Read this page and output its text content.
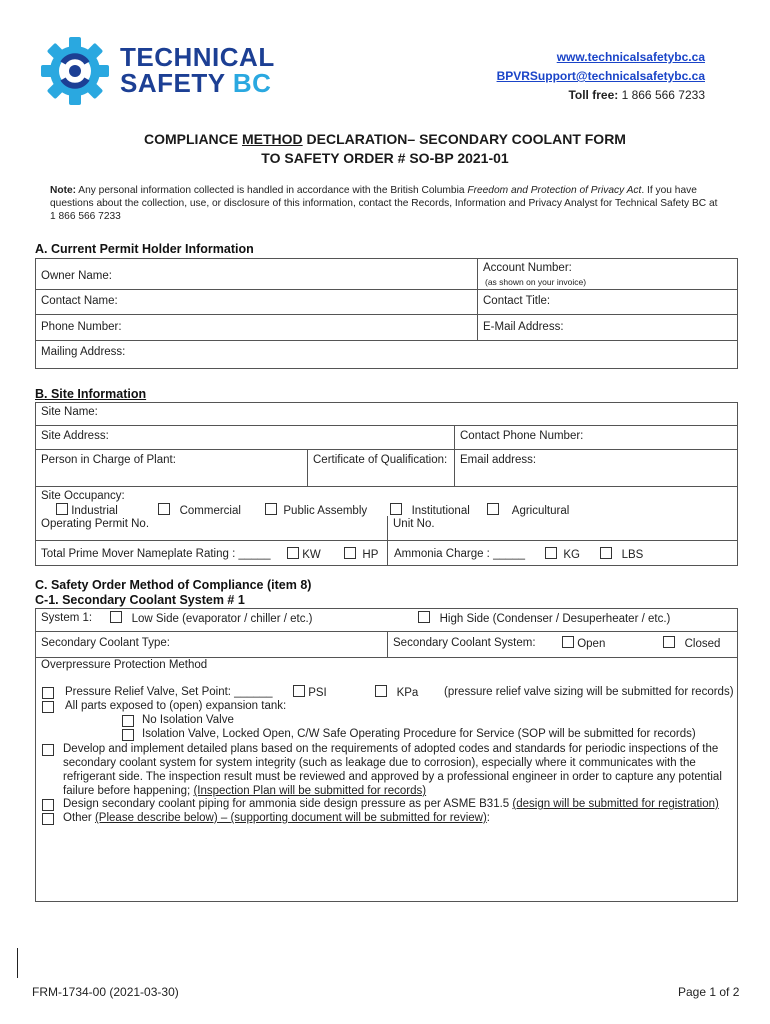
TECHNICAL
SAFETY BC
www.technicalsafetybc.ca
BPVRSupport@technicalsafetybc.ca
Toll free: 1 866 566 7233
COMPLIANCE METHOD DECLARATION– SECONDARY COOLANT FORM
TO SAFETY ORDER # SO-BP 2021-01
Note: Any personal information collected is handled in accordance with the British Columbia Freedom and Protection of Privacy Act. If you have questions about the collection, use, or disclosure of this information, contact the Records, Information and Privacy Analyst for Technical Safety BC at 1 866 566 7233
A. Current Permit Holder Information
Owner Name:
Account Number:
(as shown on your invoice)
Contact Name:	Contact Title:
Phone Number:	E-Mail Address:
Mailing Address:
B. Site Information
Site Name:
Site Address:	Contact Phone Number:
Person in Charge of Plant:	Certificate of Qualification: Email address:
Site Occupancy:
Industrial	Commercial	Public Assembly	Institutional	Agricultural
Operating Permit No.	Unit No.
Total Prime Mover Nameplate Rating : _____	KW	HP Ammonia Charge : _____	KG	LBS
C. Safety Order Method of Compliance (item 8)
C-1. Secondary Coolant System # 1
System 1:	Low Side (evaporator / chiller / etc.)	High Side (Condenser / Desuperheater / etc.)
Secondary Coolant Type:	Secondary Coolant System:	Open	Closed
Overpressure Protection Method
Pressure Relief Valve, Set Point: ______	PSI	KPa (pressure relief valve sizing will be submitted for records)
All parts exposed to (open) expansion tank:
No Isolation Valve
Isolation Valve, Locked Open, C/W Safe Operating Procedure for Service (SOP will be submitted for records)
Develop and implement detailed plans based on the requirements of adopted codes and standards for periodic inspections of the
secondary coolant system for system integrity (such as leakage due to corrosion), especially where it communicates with the
refrigerant side. The inspection result must be reviewed and approved by a professional engineer in order to capture any potential
failure before happening; (Inspection Plan will be submitted for records)
Design secondary coolant piping for ammonia side design pressure as per ASME B31.5 (design will be submitted for registration)
Other (Please describe below) – (supporting document will be submitted for review):
FRM-1734-00 (2021-03-30)	Page 1 of 2
